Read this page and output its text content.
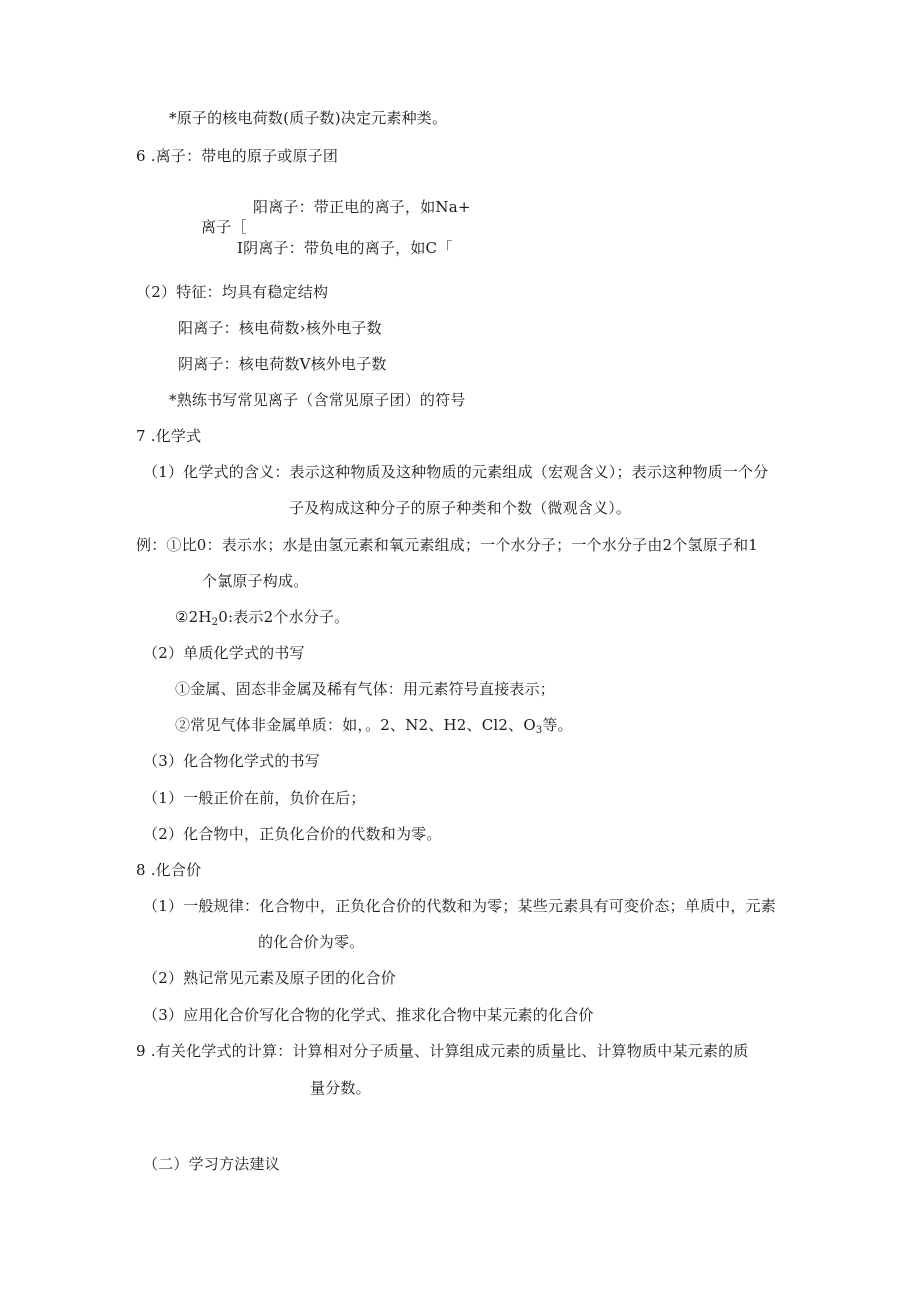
*原子的核电荷数(质子数)决定元素种类。
6 .离子：带电的原子或原子团
阳离子：带正电的离子，如Na+
离子［
I阴离子：带负电的离子，如C「
（2）特征：均具有稳定结构
阳离子：核电荷数›核外电子数
阴离子：核电荷数V核外电子数
*熟练书写常见离子（含常见原子团）的符号
7 .化学式
（1）化学式的含义：表示这种物质及这种物质的元素组成（宏观含义）；表示这种物质一个分
子及构成这种分子的原子种类和个数（微观含义）。
例：①比0：表示水；水是由氢元素和氧元素组成；一个水分子；一个水分子由2个氢原子和1
个氯原子构成。
$②2H_20$:表示2个水分子。
（2）单质化学式的书写
①金属、固态非金属及稀有气体：用元素符号直接表示；
②常见气体非金属单质：如，。2、N2、H2、Cl2、$O_3$等。
（3）化合物化学式的书写
（1）一般正价在前，负价在后；
（2）化合物中，正负化合价的代数和为零。
8 .化合价
（1）一般规律：化合物中，正负化合价的代数和为零；某些元素具有可变价态；单质中，元素
的化合价为零。
（2）熟记常见元素及原子团的化合价
（3）应用化合价写化合物的化学式、推求化合物中某元素的化合价
9 .有关化学式的计算：计算相对分子质量、计算组成元素的质量比、计算物质中某元素的质
量分数。
（二）学习方法建议
